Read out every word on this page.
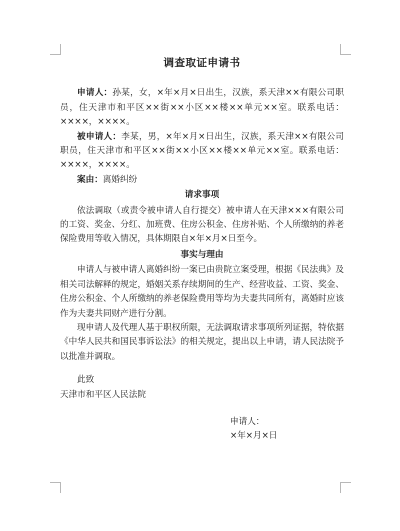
调查取证申请书
申请人：孙某，女，×年×月×日出生，汉族，系天津××有限公司职员，住天津市和平区××街××小区××楼××单元××室。联系电话：××××，××××。
被申请人：李某，男，×年×月×日出生，汉族，系天津××有限公司职员，住天津市和平区××街××小区××楼××单元××室。联系电话：××××，××××。
案由：离婚纠纷
请求事项
依法调取（或责令被申请人自行提交）被申请人在天津×××有限公司的工资、奖金、分红、加班费、住房公积金、住房补贴、个人所缴纳的养老保险费用等收入情况，具体期限自×年×月×日至今。
事实与理由
申请人与被申请人离婚纠纷一案已由贵院立案受理，根据《民法典》及相关司法解释的规定，婚姻关系存续期间的生产、经营收益、工资、奖金、住房公积金、个人所缴纳的养老保险费用等均为夫妻共同所有，离婚时应该作为夫妻共同财产进行分割。
现申请人及代理人基于职权所限，无法调取请求事项所列证据，特依据《中华人民共和国民事诉讼法》的相关规定，提出以上申请，请人民法院予以批准并调取。
此致
天津市和平区人民法院
申请人：
×年×月×日
